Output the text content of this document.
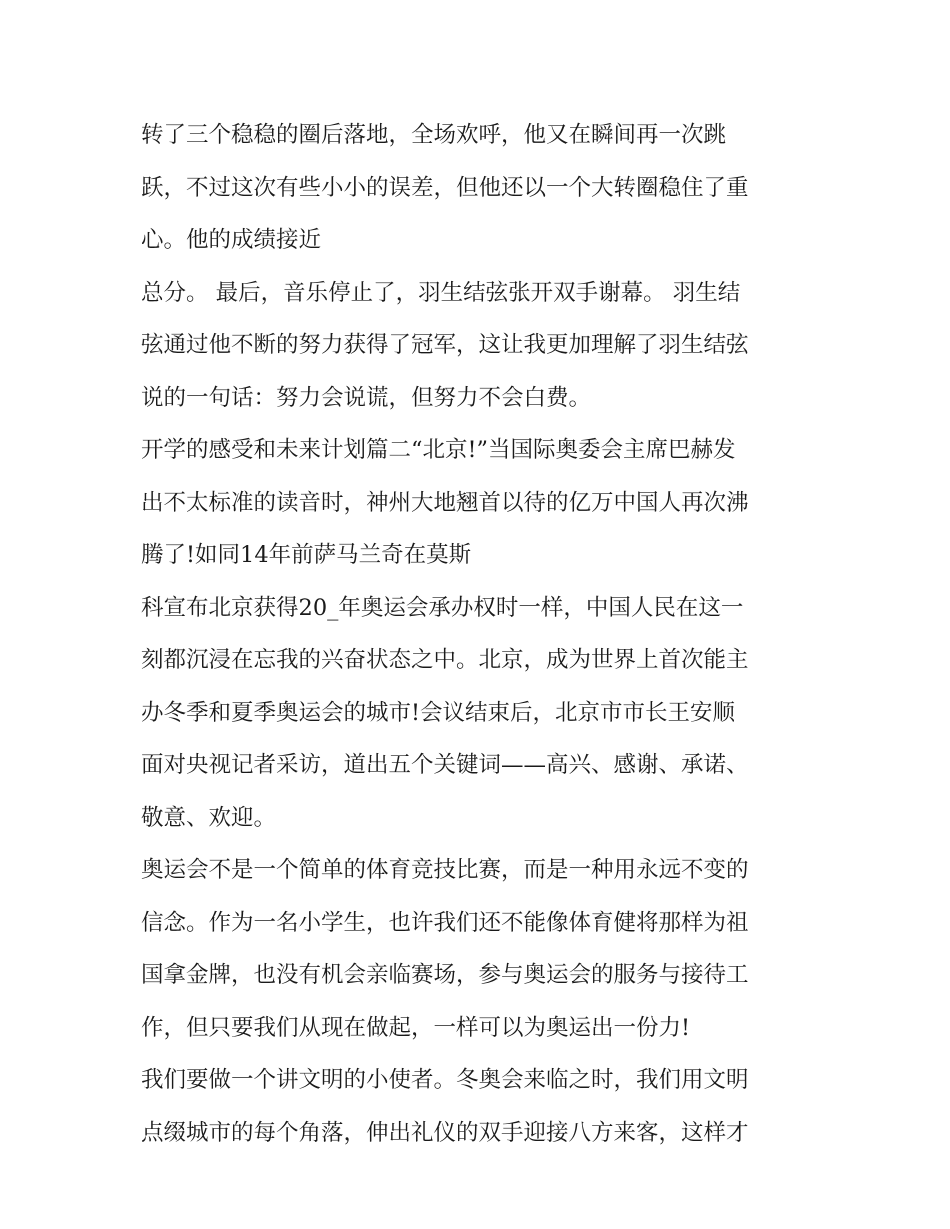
转了三个稳稳的圈后落地，全场欢呼，他又在瞬间再一次跳
跃，不过这次有些小小的误差，但他还以一个大转圈稳住了重
心。他的成绩接近
总分。 最后，音乐停止了，羽生结弦张开双手谢幕。 羽生结
弦通过他不断的努力获得了冠军，这让我更加理解了羽生结弦
说的一句话：努力会说谎，但努力不会白费。
开学的感受和未来计划篇二“北京!”当国际奥委会主席巴赫发
出不太标准的读音时，神州大地翘首以待的亿万中国人再次沸
腾了!如同14年前萨马兰奇在莫斯
科宣布北京获得20_年奥运会承办权时一样，中国人民在这一
刻都沉浸在忘我的兴奋状态之中。北京，成为世界上首次能主
办冬季和夏季奥运会的城市!会议结束后，北京市市长王安顺
面对央视记者采访，道出五个关键词——高兴、感谢、承诺、
敬意、欢迎。
奥运会不是一个简单的体育竞技比赛，而是一种用永远不变的
信念。作为一名小学生，也许我们还不能像体育健将那样为祖
国拿金牌，也没有机会亲临赛场，参与奥运会的服务与接待工
作，但只要我们从现在做起，一样可以为奥运出一份力!
我们要做一个讲文明的小使者。冬奥会来临之时，我们用文明
点缀城市的每个角落，伸出礼仪的双手迎接八方来客，这样才
